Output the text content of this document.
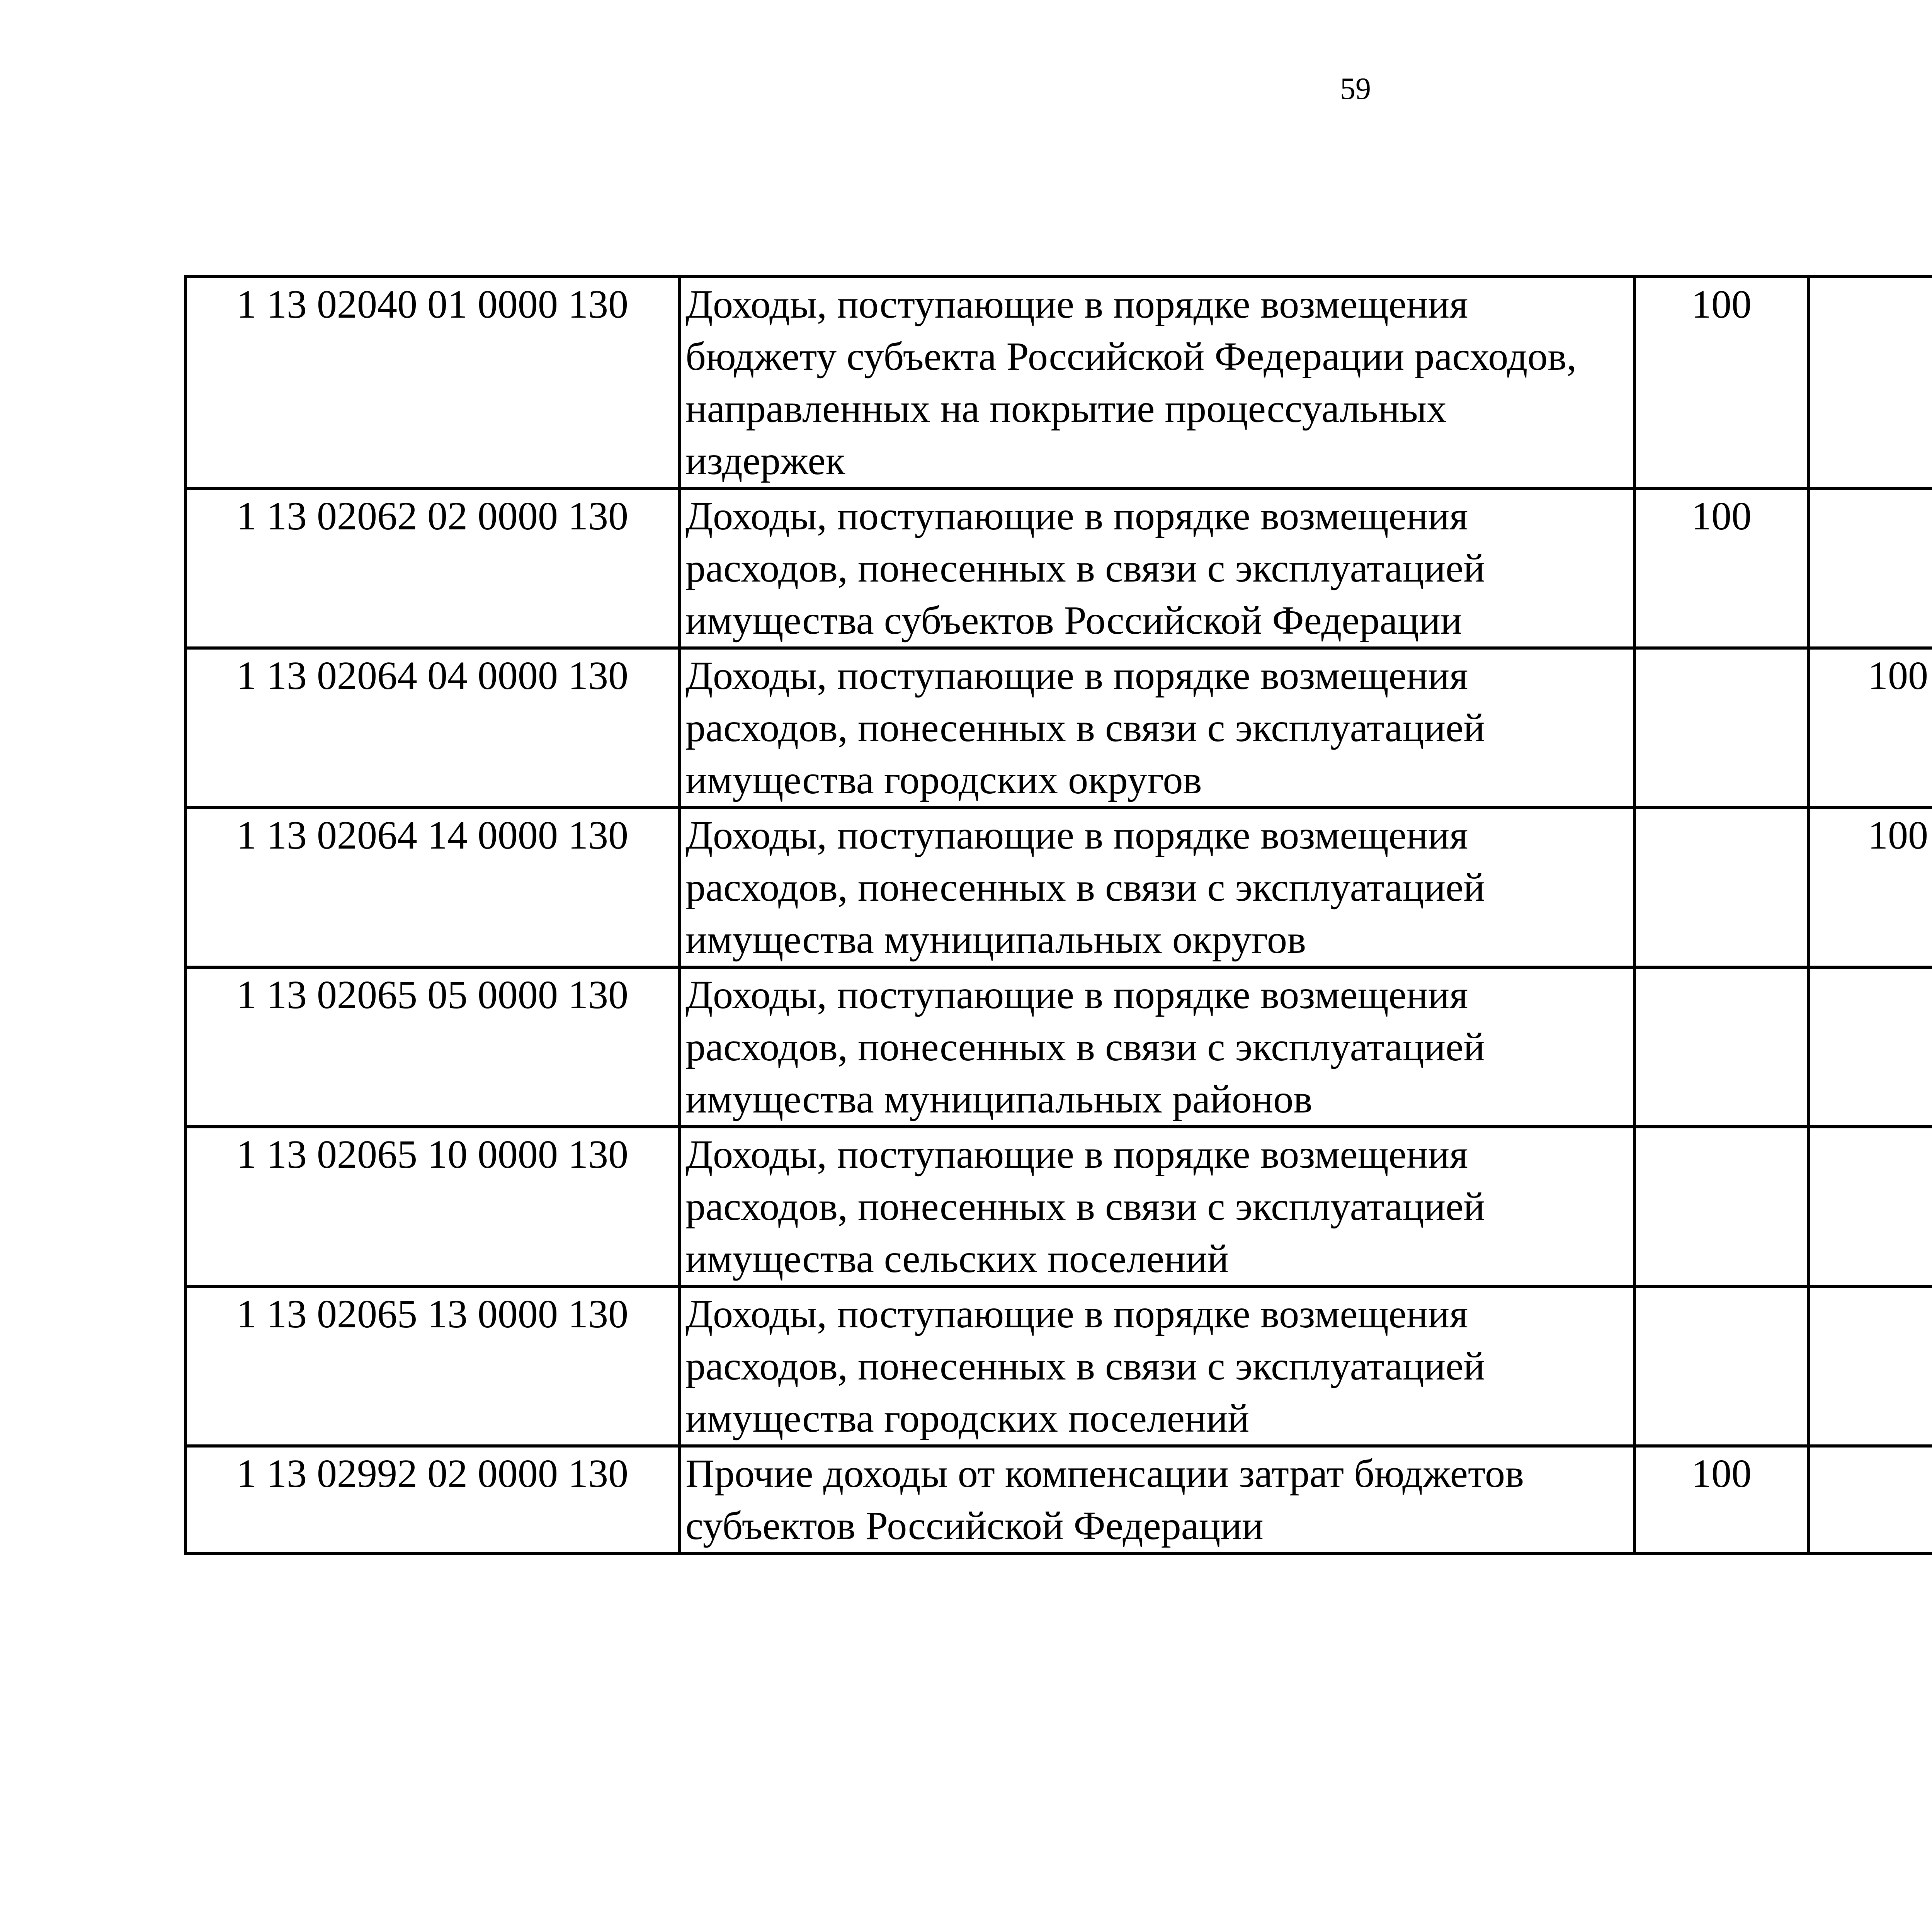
59
1 13 02040 01 0000 130	Доходы, поступающие в порядке возмещения
бюджету субъекта Российской Федерации расходов,
направленных на покрытие процессуальных
издержек	100				
1 13 02062 02 0000 130	Доходы, поступающие в порядке возмещения
расходов, понесенных в связи с эксплуатацией
имущества субъектов Российской Федерации	100				
1 13 02064 04 0000 130	Доходы, поступающие в порядке возмещения
расходов, понесенных в связи с эксплуатацией
имущества городских округов		100			
1 13 02064 14 0000 130	Доходы, поступающие в порядке возмещения
расходов, понесенных в связи с эксплуатацией
имущества муниципальных округов		100			
1 13 02065 05 0000 130	Доходы, поступающие в порядке возмещения
расходов, понесенных в связи с эксплуатацией
имущества муниципальных районов

1 13 02065 10 0000 130	Доходы, поступающие в порядке возмещения
расходов, понесенных в связи с эксплуатацией
имущества сельских поселений

1 13 02065 13 0000 130	Доходы, поступающие в порядке возмещения
расходов, понесенных в связи с эксплуатацией
имущества городских поселений

1 13 02992 02 0000 130	Прочие доходы от компенсации затрат бюджетов
субъектов Российской Федерации	100				
